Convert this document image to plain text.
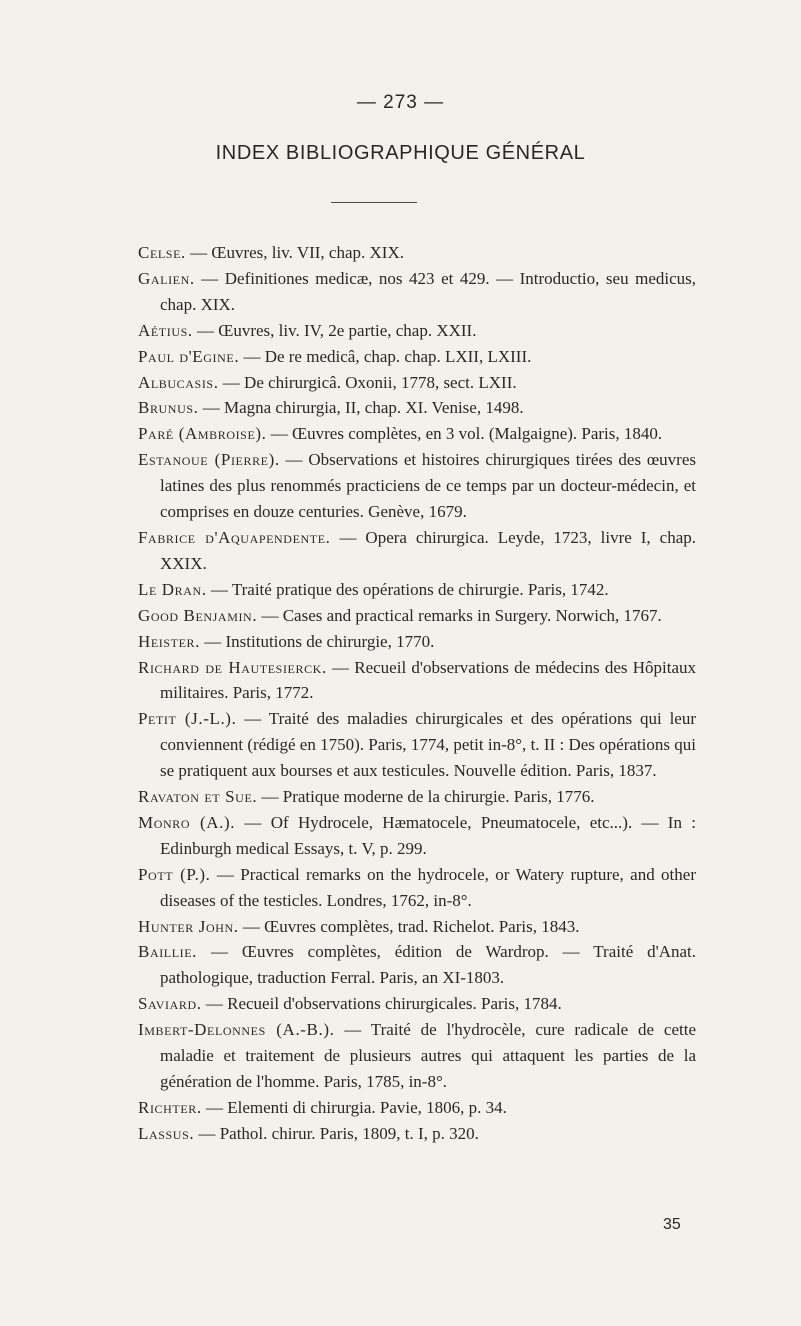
— 273 —
INDEX BIBLIOGRAPHIQUE GÉNÉRAL
Celse. — Œuvres, liv. VII, chap. XIX.
Galien. — Definitiones medicæ, nos 423 et 429. — Introductio, seu medicus, chap. XIX.
Aétius. — Œuvres, liv. IV, 2e partie, chap. XXII.
Paul d'Egine. — De re medicâ, chap. chap. LXII, LXIII.
Albucasis. — De chirurgicâ. Oxonii, 1778, sect. LXII.
Brunus. — Magna chirurgia, II, chap. XI. Venise, 1498.
Paré (Ambroise). — Œuvres complètes, en 3 vol. (Malgaigne). Paris, 1840.
Estanoue (Pierre). — Observations et histoires chirurgiques tirées des œuvres latines des plus renommés practiciens de ce temps par un docteur-médecin, et comprises en douze centuries. Genève, 1679.
Fabrice d'Aquapendente. — Opera chirurgica. Leyde, 1723, livre I, chap. XXIX.
Le Dran. — Traité pratique des opérations de chirurgie. Paris, 1742.
Good Benjamin. — Cases and practical remarks in Surgery. Norwich, 1767.
Heister. — Institutions de chirurgie, 1770.
Richard de Hautesierck. — Recueil d'observations de médecins des Hôpitaux militaires. Paris, 1772.
Petit (J.-L.). — Traité des maladies chirurgicales et des opérations qui leur conviennent (rédigé en 1750). Paris, 1774, petit in-8°, t. II : Des opérations qui se pratiquent aux bourses et aux testicules. Nouvelle édition. Paris, 1837.
Ravaton et Sue. — Pratique moderne de la chirurgie. Paris, 1776.
Monro (A.). — Of Hydrocele, Hæmatocele, Pneumatocele, etc...). — In : Edinburgh medical Essays, t. V, p. 299.
Pott (P.). — Practical remarks on the hydrocele, or Watery rupture, and other diseases of the testicles. Londres, 1762, in-8°.
Hunter John. — Œuvres complètes, trad. Richelot. Paris, 1843.
Baillie. — Œuvres complètes, édition de Wardrop. — Traité d'Anat. pathologique, traduction Ferral. Paris, an XI-1803.
Saviard. — Recueil d'observations chirurgicales. Paris, 1784.
Imbert-Delonnes (A.-B.). — Traité de l'hydrocèle, cure radicale de cette maladie et traitement de plusieurs autres qui attaquent les parties de la génération de l'homme. Paris, 1785, in-8°.
Richter. — Elementi di chirurgia. Pavie, 1806, p. 34.
Lassus. — Pathol. chirur. Paris, 1809, t. I, p. 320.
35
